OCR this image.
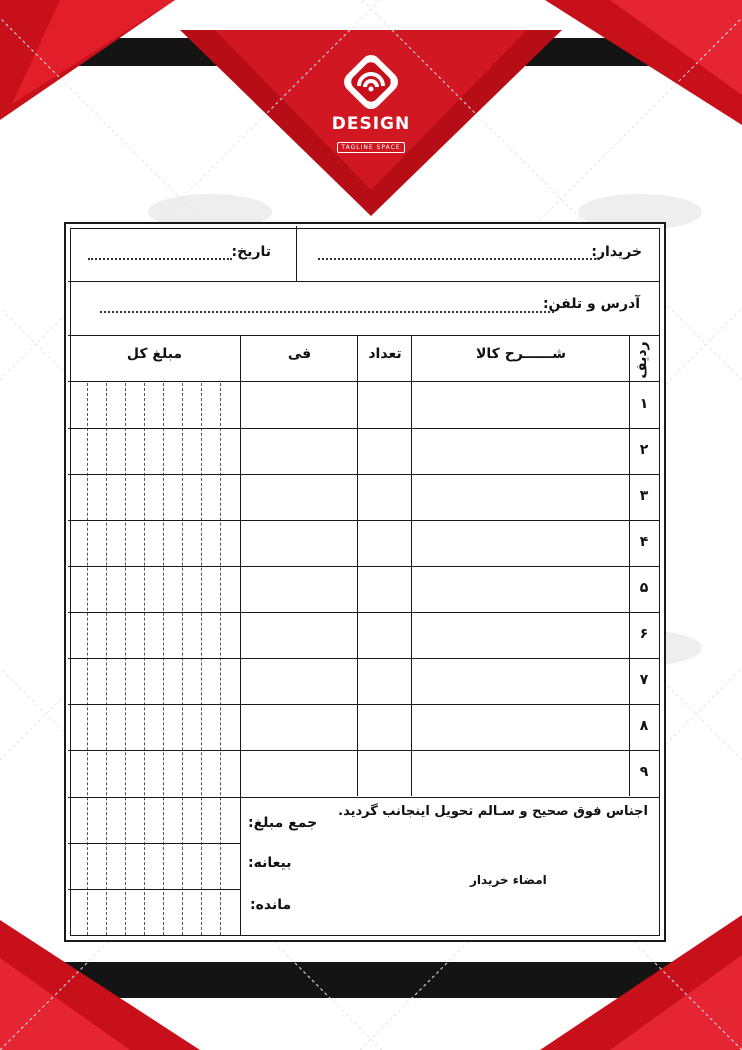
DESIGN
TAGLINE SPACE
خریدار:
تاریخ:
آدرس و تلفن:
ردیف
شــــــرح کالا
تعداد
فی
مبلغ کل
۱
۲
۳
۴
۵
۶
۷
۸
۹
جمع مبلغ:
بیعانه:
مانده:
اجناس فوق صحیح و سـالم تحویل اینجانب گردید.
امضاء خریدار
